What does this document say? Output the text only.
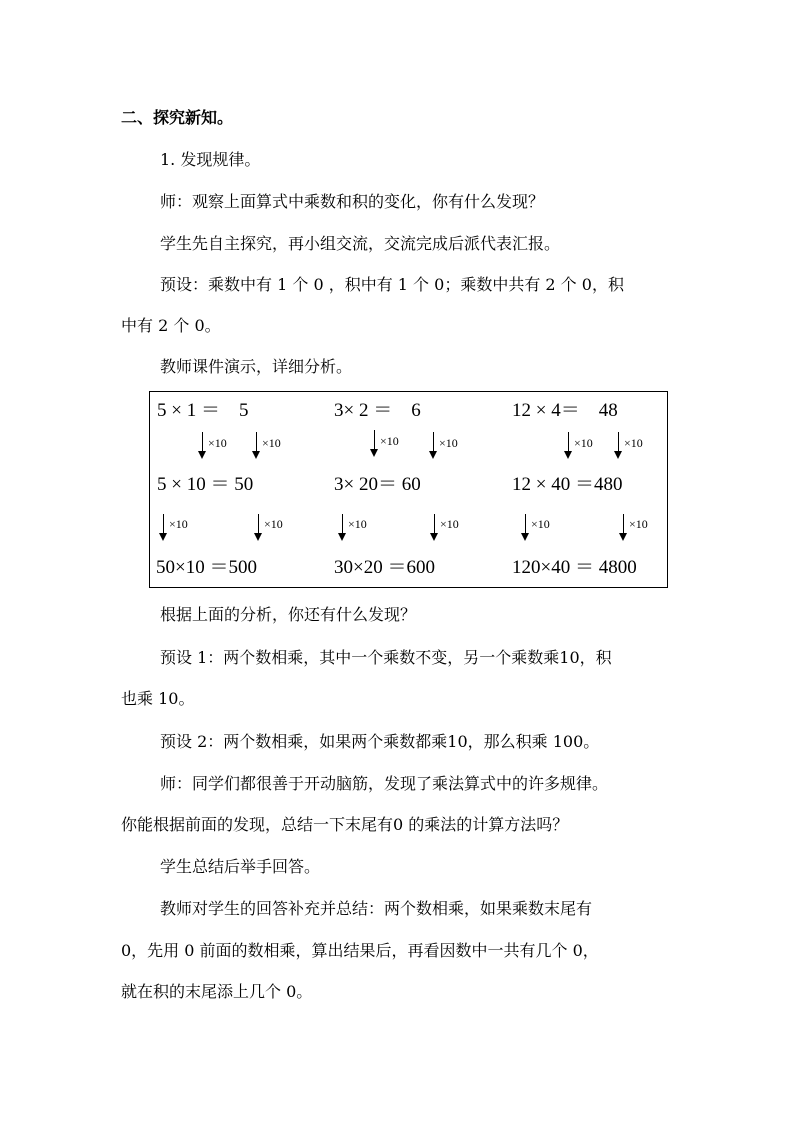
二、探究新知。
1. 发现规律。
师：观察上面算式中乘数和积的变化，你有什么发现？
学生先自主探究，再小组交流，交流完成后派代表汇报。
预设：乘数中有 1 个 0 ，积中有 1 个 0；乘数中共有 2 个 0，积
中有 2 个 0。
教师课件演示，详细分析。
5 × 1 ＝　5	3× 2 ＝　6	12 × 4＝　48
×10	×10	×10	×10	×10	×10
5 × 10 ＝ 50	3× 20＝ 60	12 × 40 ＝480
×10	×10	×10	×10	×10	×10
50×10 ＝500	30×20 ＝600	120×40 ＝ 4800
根据上面的分析，你还有什么发现？
预设 1：两个数相乘，其中一个乘数不变，另一个乘数乘10，积
也乘 10。
预设 2：两个数相乘，如果两个乘数都乘10，那么积乘 100。
师：同学们都很善于开动脑筋，发现了乘法算式中的许多规律。
你能根据前面的发现，总结一下末尾有0 的乘法的计算方法吗？
学生总结后举手回答。
教师对学生的回答补充并总结：两个数相乘，如果乘数末尾有
0，先用 0 前面的数相乘，算出结果后，再看因数中一共有几个 0，
就在积的末尾添上几个 0。
